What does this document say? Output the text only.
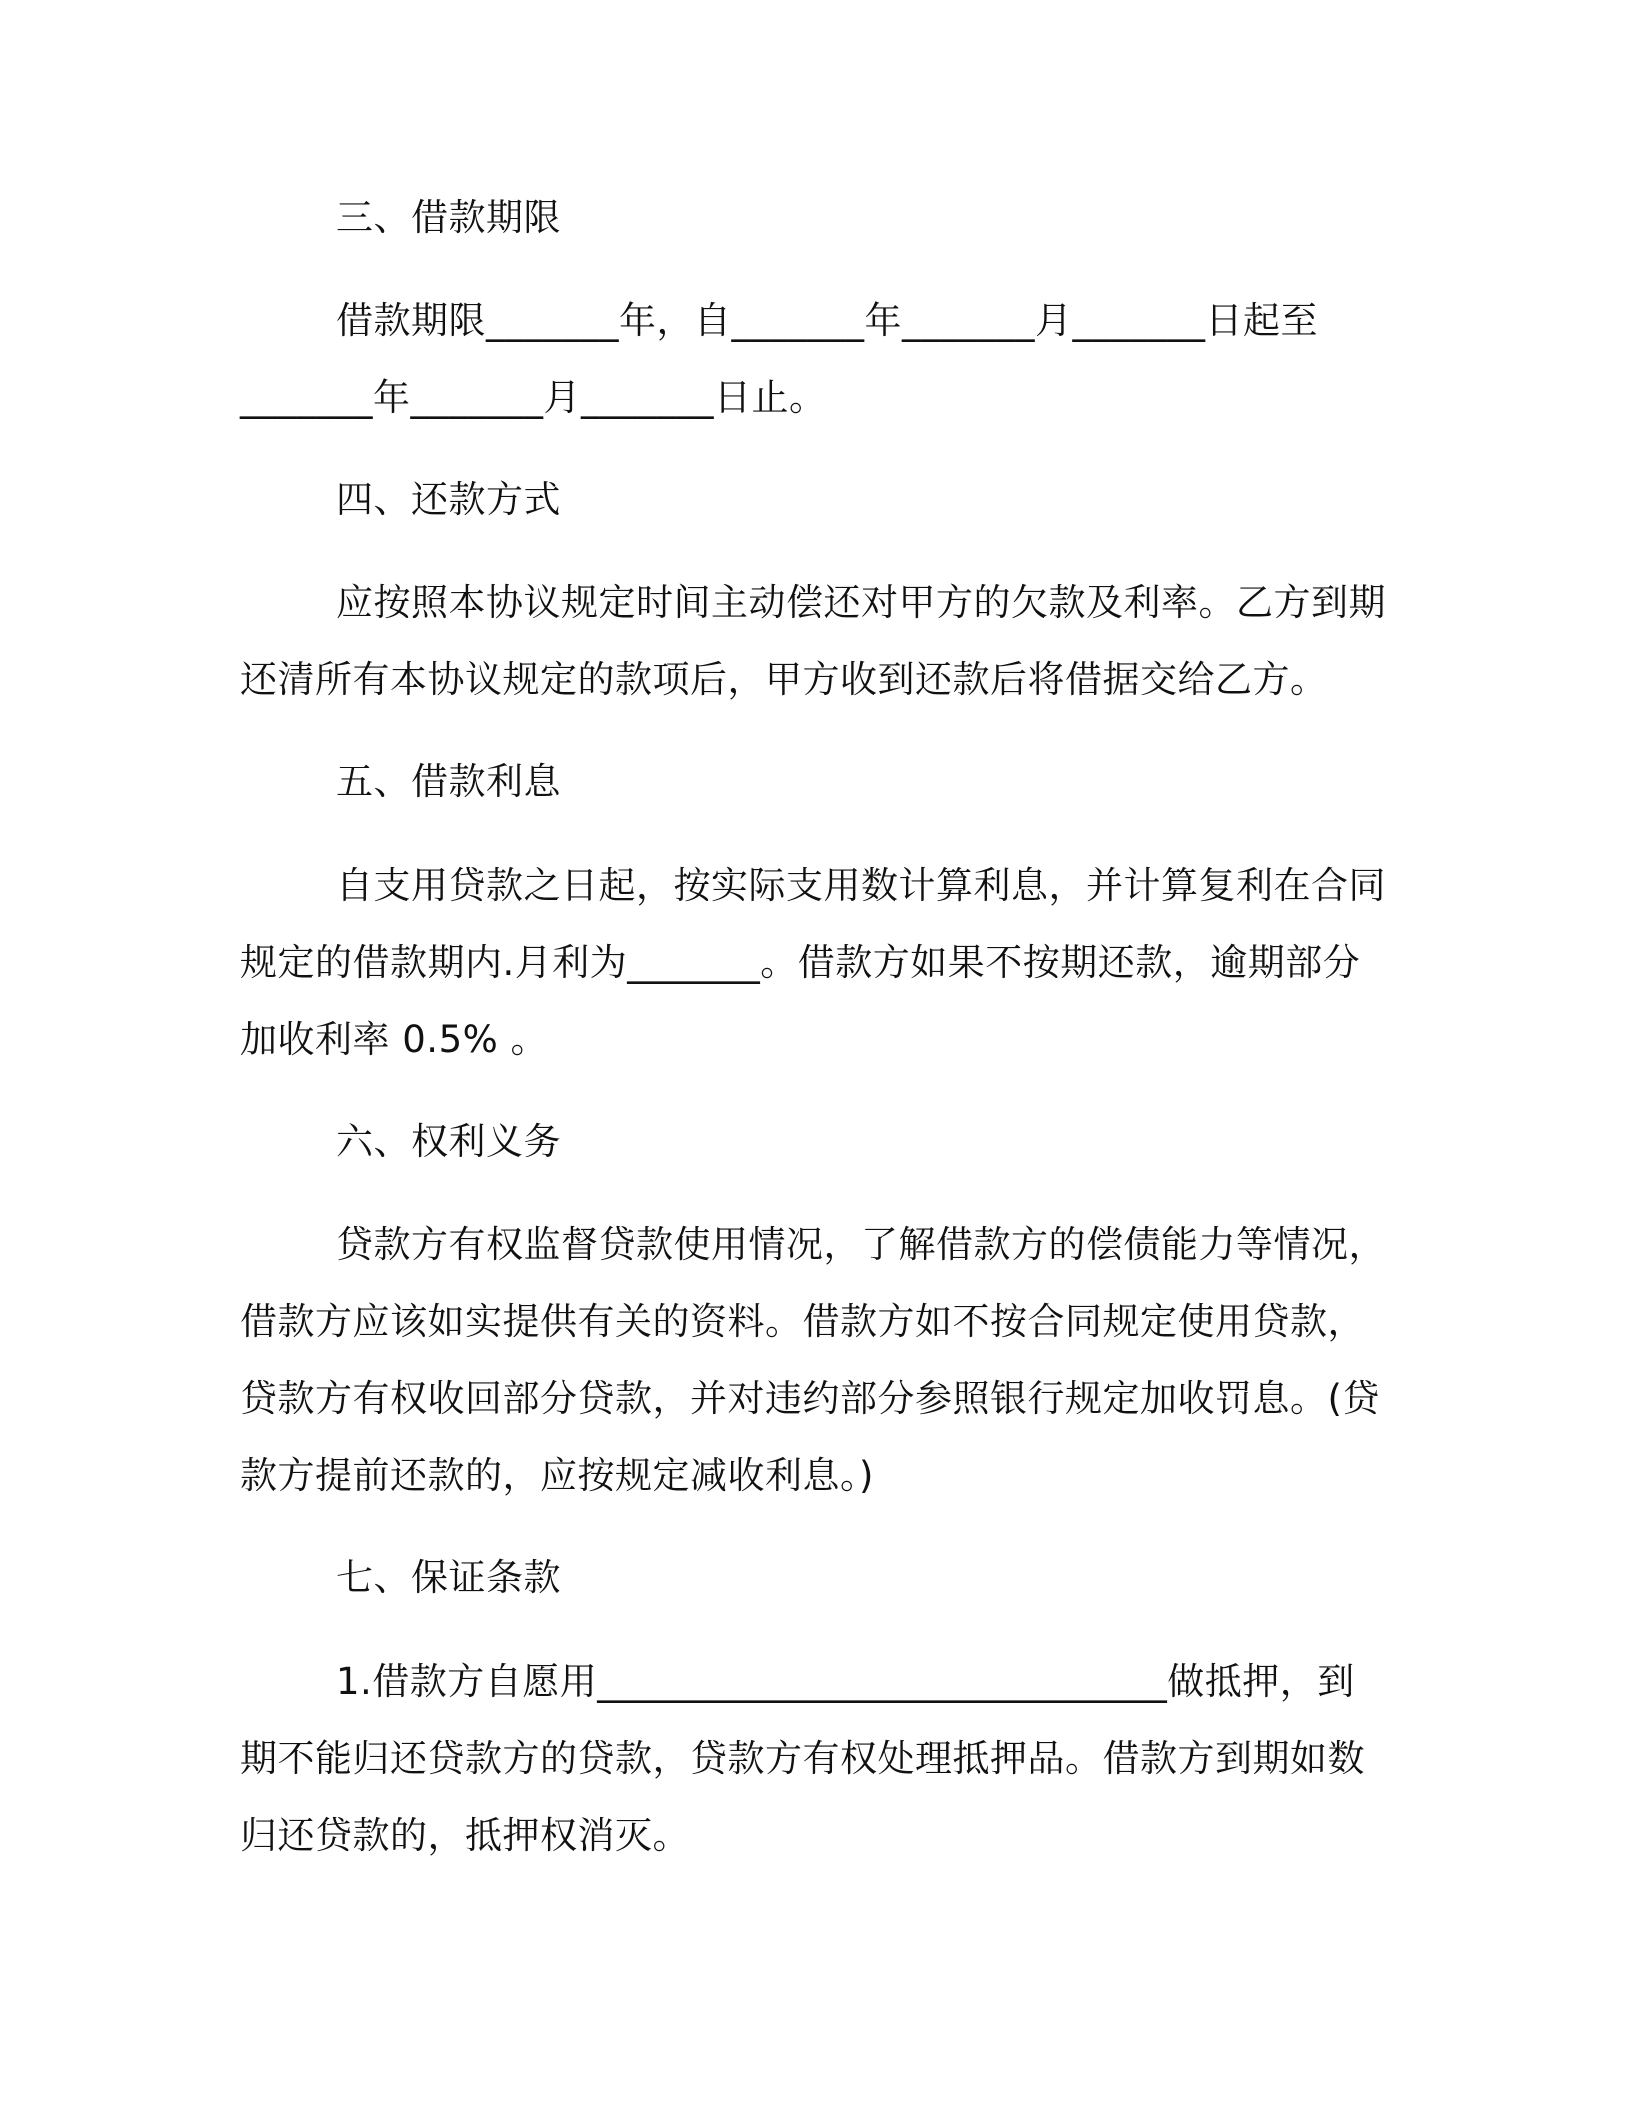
三、借款期限
借款期限_______年，自_______年_______月_______日起至
_______年_______月_______日止。
四、还款方式
应按照本协议规定时间主动偿还对甲方的欠款及利率。乙方到期
还清所有本协议规定的款项后，甲方收到还款后将借据交给乙方。
五、借款利息
自支用贷款之日起，按实际支用数计算利息，并计算复利在合同
规定的借款期内.月利为_______。借款方如果不按期还款，逾期部分
加收利率 0.5% 。
六、权利义务
贷款方有权监督贷款使用情况，了解借款方的偿债能力等情况，
借款方应该如实提供有关的资料。借款方如不按合同规定使用贷款，
贷款方有权收回部分贷款，并对违约部分参照银行规定加收罚息。(贷
款方提前还款的，应按规定减收利息。)
七、保证条款
1.借款方自愿用______________________________做抵押，到
期不能归还贷款方的贷款，贷款方有权处理抵押品。借款方到期如数
归还贷款的，抵押权消灭。
